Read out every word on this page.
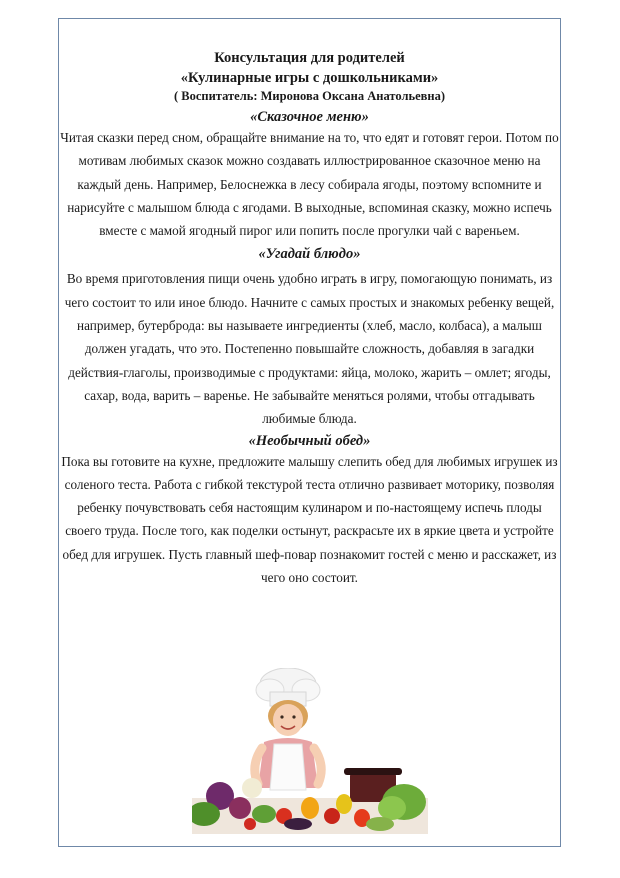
Консультация для родителей

«Кулинарные игры с дошкольниками»

( Воспитатель: Миронова Оксана Анатольевна)

«Сказочное меню»

Читая сказки перед сном, обращайте внимание на то, что едят и готовят герои. Потом по мотивам любимых сказок можно создавать иллюстрированное сказочное меню на каждый день. Например, Белоснежка в лесу собирала ягоды, поэтому вспомните и нарисуйте с малышом блюда с ягодами. В выходные, вспоминая сказку, можно испечь вместе с мамой ягодный пирог или попить после прогулки чай с вареньем.

«Угадай блюдо»

Во время приготовления пищи очень удобно играть в игру, помогающую понимать, из чего состоит то или иное блюдо. Начните с самых простых и знакомых ребенку вещей, например, бутерброда: вы называете ингредиенты (хлеб, масло, колбаса), а малыш должен угадать, что это. Постепенно повышайте сложность, добавляя в загадки действия-глаголы, производимые с продуктами: яйца, молоко, жарить – омлет; ягоды, сахар, вода, варить – варенье. Не забывайте меняться ролями, чтобы отгадывать любимые блюда.

«Необычный обед»

Пока вы готовите на кухне, предложите малышу слепить обед для любимых игрушек из соленого теста. Работа с гибкой текстурой теста отлично развивает моторику, позволяя ребенку почувствовать себя настоящим кулинаром и по-настоящему испечь плоды своего труда. После того, как поделки остынут, раскрасьте их в яркие цвета и устройте обед для игрушек. Пусть главный шеф-повар познакомит гостей с меню и расскажет, из чего оно состоит.
